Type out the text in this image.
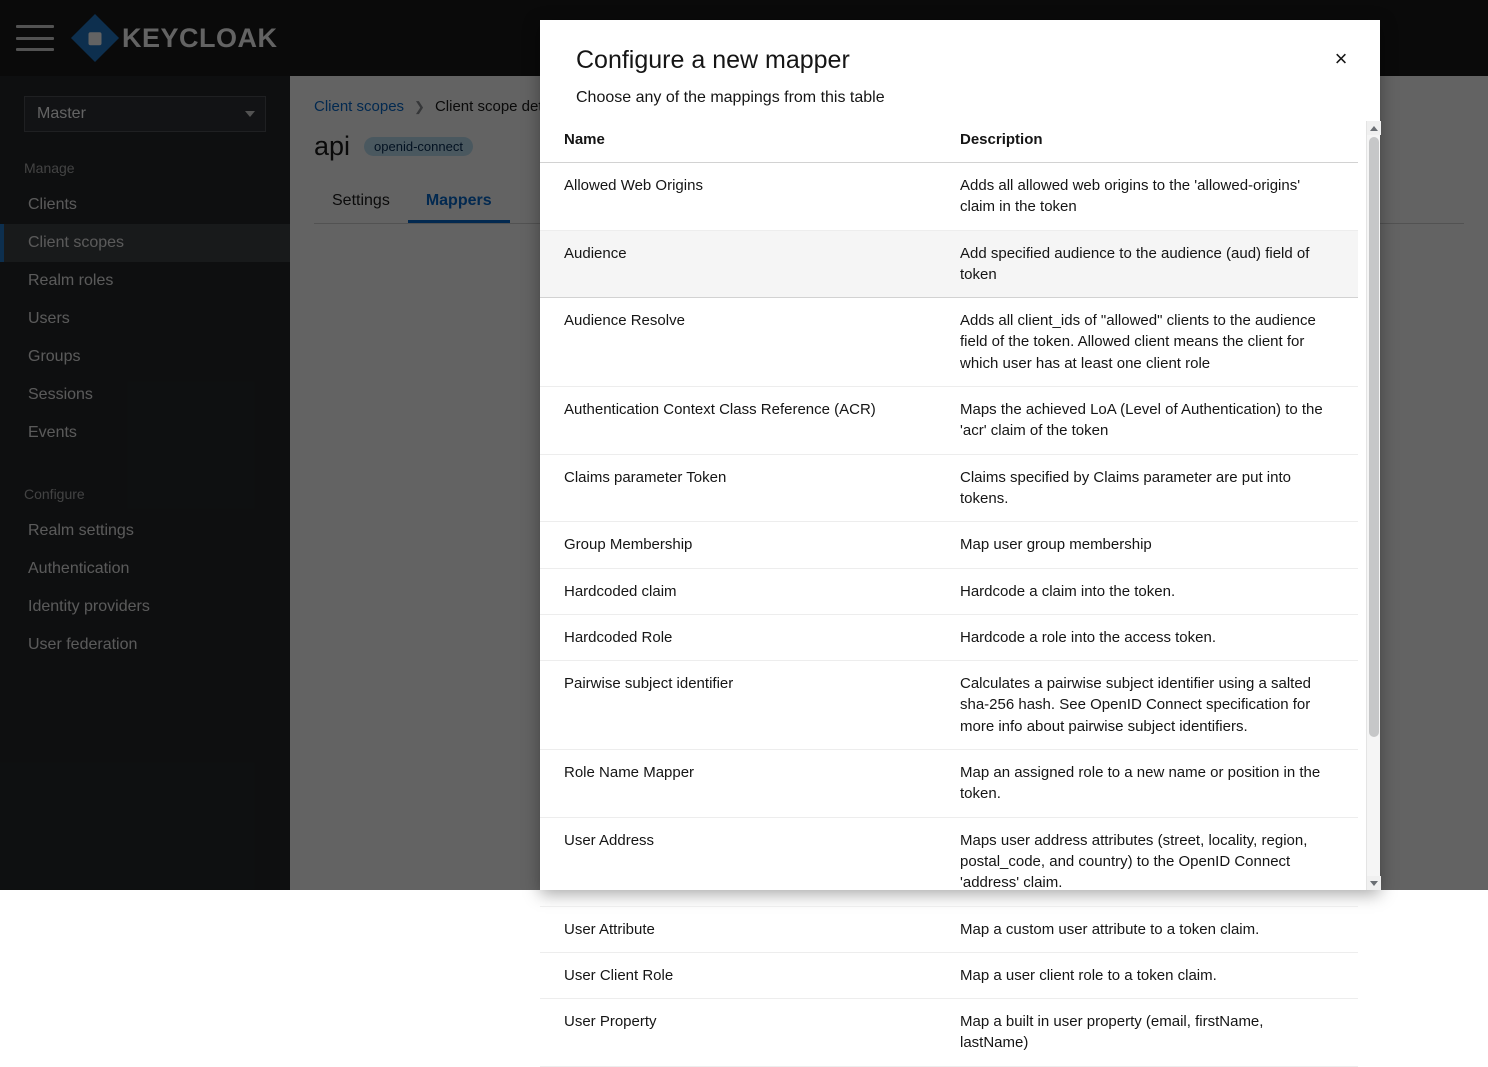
Configure a new mapper
Choose any of the mappings from this table
×
Name	Description
Allowed Web Origins	Adds all allowed web origins to the 'allowed-origins' claim in the token
Audience	Add specified audience to the audience (aud) field of token
Audience Resolve	Adds all client_ids of "allowed" clients to the audience field of the token. Allowed client means the client for which user has at least one client role
Authentication Context Class Reference (ACR)	Maps the achieved LoA (Level of Authentication) to the 'acr' claim of the token
Claims parameter Token	Claims specified by Claims parameter are put into tokens.
Group Membership	Map user group membership
Hardcoded claim	Hardcode a claim into the token.
Hardcoded Role	Hardcode a role into the access token.
Pairwise subject identifier	Calculates a pairwise subject identifier using a salted sha-256 hash. See OpenID Connect specification for more info about pairwise subject identifiers.
Role Name Mapper	Map an assigned role to a new name or position in the token.
User Address	Maps user address attributes (street, locality, region, postal_code, and country) to the OpenID Connect 'address' claim.
User Attribute	Map a custom user attribute to a token claim.
User Client Role	Map a user client role to a token claim.
User Property	Map a built in user property (email, firstName, lastName)
